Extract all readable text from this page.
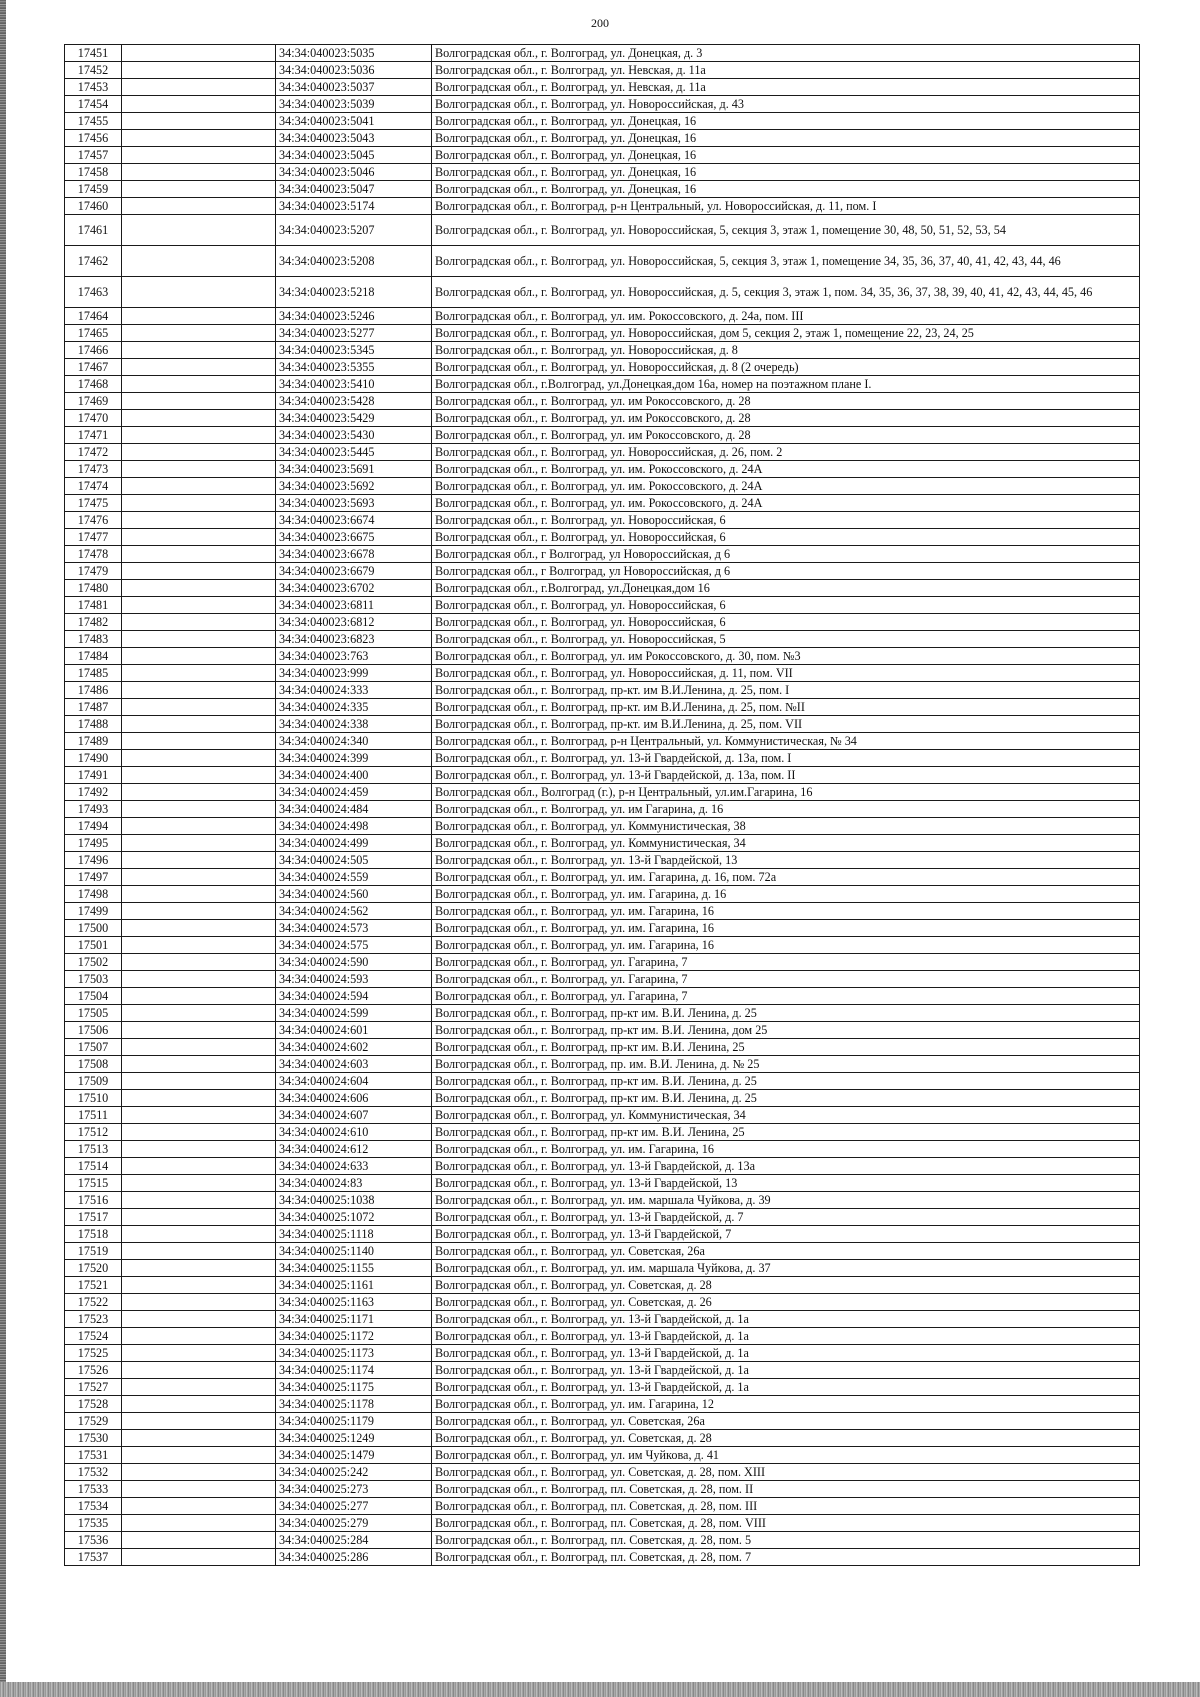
200
17451		34:34:040023:5035	Волгоградская обл., г. Волгоград, ул. Донецкая, д. 3
17452		34:34:040023:5036	Волгоградская обл., г. Волгоград, ул. Невская, д. 11а
17453		34:34:040023:5037	Волгоградская обл., г. Волгоград, ул. Невская, д. 11а
17454		34:34:040023:5039	Волгоградская обл., г. Волгоград, ул. Новороссийская, д. 43
17455		34:34:040023:5041	Волгоградская обл., г. Волгоград, ул. Донецкая, 16
17456		34:34:040023:5043	Волгоградская обл., г. Волгоград, ул. Донецкая, 16
17457		34:34:040023:5045	Волгоградская обл., г. Волгоград, ул. Донецкая, 16
17458		34:34:040023:5046	Волгоградская обл., г. Волгоград, ул. Донецкая, 16
17459		34:34:040023:5047	Волгоградская обл., г. Волгоград, ул. Донецкая, 16
17460		34:34:040023:5174	Волгоградская обл., г. Волгоград, р-н Центральный, ул. Новороссийская, д. 11, пом. I
17461		34:34:040023:5207	Волгоградская обл., г. Волгоград, ул. Новороссийская, 5, секция 3, этаж 1, помещение 30, 48, 50, 51, 52, 53, 54
17462		34:34:040023:5208	Волгоградская обл., г. Волгоград, ул. Новороссийская, 5, секция 3, этаж 1, помещение 34, 35, 36, 37, 40, 41, 42, 43, 44, 46
17463		34:34:040023:5218	Волгоградская обл., г. Волгоград, ул. Новороссийская, д. 5, секция 3, этаж 1, пом. 34, 35, 36, 37, 38, 39, 40, 41, 42, 43, 44, 45, 46
17464		34:34:040023:5246	Волгоградская обл., г. Волгоград, ул. им. Рокоссовского, д. 24а, пом. III
17465		34:34:040023:5277	Волгоградская обл., г. Волгоград, ул. Новороссийская, дом 5, секция 2, этаж 1, помещение 22, 23, 24, 25
17466		34:34:040023:5345	Волгоградская обл., г. Волгоград, ул. Новороссийская, д. 8
17467		34:34:040023:5355	Волгоградская обл., г. Волгоград, ул. Новороссийская, д. 8 (2 очередь)
17468		34:34:040023:5410	Волгоградская обл., г.Волгоград, ул.Донецкая,дом 16а, номер на поэтажном плане I.
17469		34:34:040023:5428	Волгоградская обл., г. Волгоград, ул. им Рокоссовского, д. 28
17470		34:34:040023:5429	Волгоградская обл., г. Волгоград, ул. им Рокоссовского, д. 28
17471		34:34:040023:5430	Волгоградская обл., г. Волгоград, ул. им Рокоссовского, д. 28
17472		34:34:040023:5445	Волгоградская обл., г. Волгоград, ул. Новороссийская, д. 26, пом. 2
17473		34:34:040023:5691	Волгоградская обл., г. Волгоград, ул. им. Рокоссовского, д. 24А
17474		34:34:040023:5692	Волгоградская обл., г. Волгоград, ул. им. Рокоссовского, д. 24А
17475		34:34:040023:5693	Волгоградская обл., г. Волгоград, ул. им. Рокоссовского, д. 24А
17476		34:34:040023:6674	Волгоградская обл., г. Волгоград, ул. Новороссийская, 6
17477		34:34:040023:6675	Волгоградская обл., г. Волгоград, ул. Новороссийская, 6
17478		34:34:040023:6678	Волгоградская обл., г Волгоград, ул Новороссийская, д 6
17479		34:34:040023:6679	Волгоградская обл., г Волгоград, ул Новороссийская, д 6
17480		34:34:040023:6702	Волгоградская обл., г.Волгоград, ул.Донецкая,дом 16
17481		34:34:040023:6811	Волгоградская обл., г. Волгоград, ул. Новороссийская, 6
17482		34:34:040023:6812	Волгоградская обл., г. Волгоград, ул. Новороссийская, 6
17483		34:34:040023:6823	Волгоградская обл., г. Волгоград, ул. Новороссийская, 5
17484		34:34:040023:763	Волгоградская обл., г. Волгоград, ул. им Рокоссовского, д. 30, пом. №3
17485		34:34:040023:999	Волгоградская обл., г. Волгоград, ул. Новороссийская, д. 11, пом. VII
17486		34:34:040024:333	Волгоградская обл., г. Волгоград, пр-кт. им В.И.Ленина, д. 25, пом. I
17487		34:34:040024:335	Волгоградская обл., г. Волгоград, пр-кт. им В.И.Ленина, д. 25, пом. №II
17488		34:34:040024:338	Волгоградская обл., г. Волгоград, пр-кт. им В.И.Ленина, д. 25, пом. VII
17489		34:34:040024:340	Волгоградская обл., г. Волгоград, р-н Центральный, ул. Коммунистическая, № 34
17490		34:34:040024:399	Волгоградская обл., г. Волгоград, ул. 13-й Гвардейской, д. 13а, пом. I
17491		34:34:040024:400	Волгоградская обл., г. Волгоград, ул. 13-й Гвардейской, д. 13а, пом. II
17492		34:34:040024:459	Волгоградская обл., Волгоград (г.), р-н Центральный, ул.им.Гагарина, 16
17493		34:34:040024:484	Волгоградская обл., г. Волгоград, ул. им Гагарина, д. 16
17494		34:34:040024:498	Волгоградская обл., г. Волгоград, ул. Коммунистическая, 38
17495		34:34:040024:499	Волгоградская обл., г. Волгоград, ул. Коммунистическая, 34
17496		34:34:040024:505	Волгоградская обл., г. Волгоград, ул. 13-й Гвардейской, 13
17497		34:34:040024:559	Волгоградская обл., г. Волгоград, ул. им. Гагарина, д. 16, пом. 72а
17498		34:34:040024:560	Волгоградская обл., г. Волгоград, ул. им. Гагарина, д. 16
17499		34:34:040024:562	Волгоградская обл., г. Волгоград, ул. им. Гагарина, 16
17500		34:34:040024:573	Волгоградская обл., г. Волгоград, ул. им. Гагарина, 16
17501		34:34:040024:575	Волгоградская обл., г. Волгоград, ул. им. Гагарина, 16
17502		34:34:040024:590	Волгоградская обл., г. Волгоград, ул. Гагарина, 7
17503		34:34:040024:593	Волгоградская обл., г. Волгоград, ул. Гагарина, 7
17504		34:34:040024:594	Волгоградская обл., г. Волгоград, ул. Гагарина, 7
17505		34:34:040024:599	Волгоградская обл., г. Волгоград, пр-кт им. В.И. Ленина, д. 25
17506		34:34:040024:601	Волгоградская обл., г. Волгоград, пр-кт им. В.И. Ленина, дом 25
17507		34:34:040024:602	Волгоградская обл., г. Волгоград, пр-кт им. В.И. Ленина, 25
17508		34:34:040024:603	Волгоградская обл., г. Волгоград, пр. им. В.И. Ленина, д. № 25
17509		34:34:040024:604	Волгоградская обл., г. Волгоград, пр-кт им. В.И. Ленина, д. 25
17510		34:34:040024:606	Волгоградская обл., г. Волгоград, пр-кт им. В.И. Ленина, д. 25
17511		34:34:040024:607	Волгоградская обл., г. Волгоград, ул. Коммунистическая, 34
17512		34:34:040024:610	Волгоградская обл., г. Волгоград, пр-кт им. В.И. Ленина, 25
17513		34:34:040024:612	Волгоградская обл., г. Волгоград, ул. им. Гагарина, 16
17514		34:34:040024:633	Волгоградская обл., г. Волгоград, ул. 13-й Гвардейской, д. 13а
17515		34:34:040024:83	Волгоградская обл., г. Волгоград, ул. 13-й Гвардейской, 13
17516		34:34:040025:1038	Волгоградская обл., г. Волгоград, ул. им. маршала Чуйкова, д. 39
17517		34:34:040025:1072	Волгоградская обл., г. Волгоград, ул. 13-й Гвардейской, д. 7
17518		34:34:040025:1118	Волгоградская обл., г. Волгоград, ул. 13-й Гвардейской, 7
17519		34:34:040025:1140	Волгоградская обл., г. Волгоград, ул. Советская, 26а
17520		34:34:040025:1155	Волгоградская обл., г. Волгоград, ул. им. маршала Чуйкова, д. 37
17521		34:34:040025:1161	Волгоградская обл., г. Волгоград, ул. Советская, д. 28
17522		34:34:040025:1163	Волгоградская обл., г. Волгоград, ул. Советская, д. 26
17523		34:34:040025:1171	Волгоградская обл., г. Волгоград, ул. 13-й Гвардейской, д. 1а
17524		34:34:040025:1172	Волгоградская обл., г. Волгоград, ул. 13-й Гвардейской, д. 1а
17525		34:34:040025:1173	Волгоградская обл., г. Волгоград, ул. 13-й Гвардейской, д. 1а
17526		34:34:040025:1174	Волгоградская обл., г. Волгоград, ул. 13-й Гвардейской, д. 1а
17527		34:34:040025:1175	Волгоградская обл., г. Волгоград, ул. 13-й Гвардейской, д. 1а
17528		34:34:040025:1178	Волгоградская обл., г. Волгоград, ул. им. Гагарина, 12
17529		34:34:040025:1179	Волгоградская обл., г. Волгоград, ул. Советская, 26а
17530		34:34:040025:1249	Волгоградская обл., г. Волгоград, ул. Советская, д. 28
17531		34:34:040025:1479	Волгоградская обл., г. Волгоград, ул. им Чуйкова, д. 41
17532		34:34:040025:242	Волгоградская обл., г. Волгоград, ул. Советская, д. 28, пом. XIII
17533		34:34:040025:273	Волгоградская обл., г. Волгоград, пл. Советская, д. 28, пом. II
17534		34:34:040025:277	Волгоградская обл., г. Волгоград, пл. Советская, д. 28, пом. III
17535		34:34:040025:279	Волгоградская обл., г. Волгоград, пл. Советская, д. 28, пом. VIII
17536		34:34:040025:284	Волгоградская обл., г. Волгоград, пл. Советская, д. 28, пом. 5
17537		34:34:040025:286	Волгоградская обл., г. Волгоград, пл. Советская, д. 28, пом. 7
